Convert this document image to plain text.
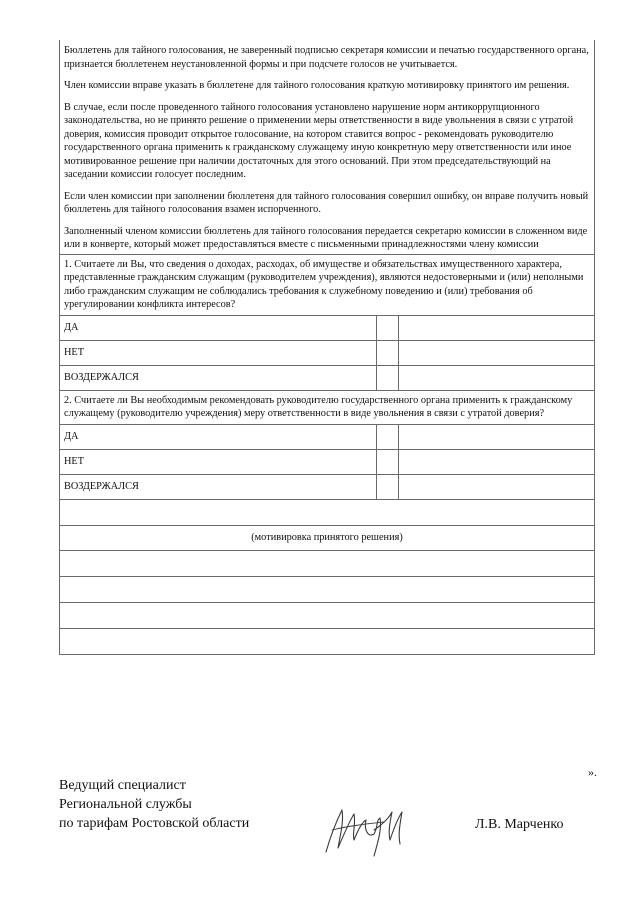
Бюллетень для тайного голосования, не заверенный подписью секретаря комиссии и печатью государственного органа, признается бюллетенем неустановленной формы и при подсчете голосов не учитывается.

Член комиссии вправе указать в бюллетене для тайного голосования краткую мотивировку принятого им решения.

В случае, если после проведенного тайного голосования установлено нарушение норм антикоррупционного законодательства, но не принято решение о применении меры ответственности в виде увольнения в связи с утратой доверия, комиссия проводит открытое голосование, на котором ставится вопрос - рекомендовать руководителю государственного органа применить к гражданскому служащему иную конкретную меру ответственности или иное мотивированное решение при наличии достаточных для этого оснований. При этом председательствующий на заседании комиссии голосует последним.

Если член комиссии при заполнении бюллетеня для тайного голосования совершил ошибку, он вправе получить новый бюллетень для тайного голосования взамен испорченного.

Заполненный членом комиссии бюллетень для тайного голосования передается секретарю комиссии в сложенном виде или в конверте, который может предоставляться вместе с письменными принадлежностями члену комиссии		

1. Считаете ли Вы, что сведения о доходах, расходах, об имуществе и обязательствах имущественного характера, представленные гражданским служащим (руководителем учреждения), являются недостоверными и (или) неполными либо гражданским служащим не соблюдались требования к служебному поведению и (или) требования об урегулировании конфликта интересов?		
ДА		
НЕТ		
ВОЗДЕРЖАЛСЯ		
2. Считаете ли Вы необходимым рекомендовать руководителю государственного органа применить к гражданскому служащему (руководителю учреждения) меру ответственности в виде увольнения в связи с утратой доверия?		
ДА		
НЕТ		
ВОЗДЕРЖАЛСЯ		

(мотивировка принятого решения)		

».
Ведущий специалист
Региональной службы
по тарифам Ростовской области	Л.В. Марченко
